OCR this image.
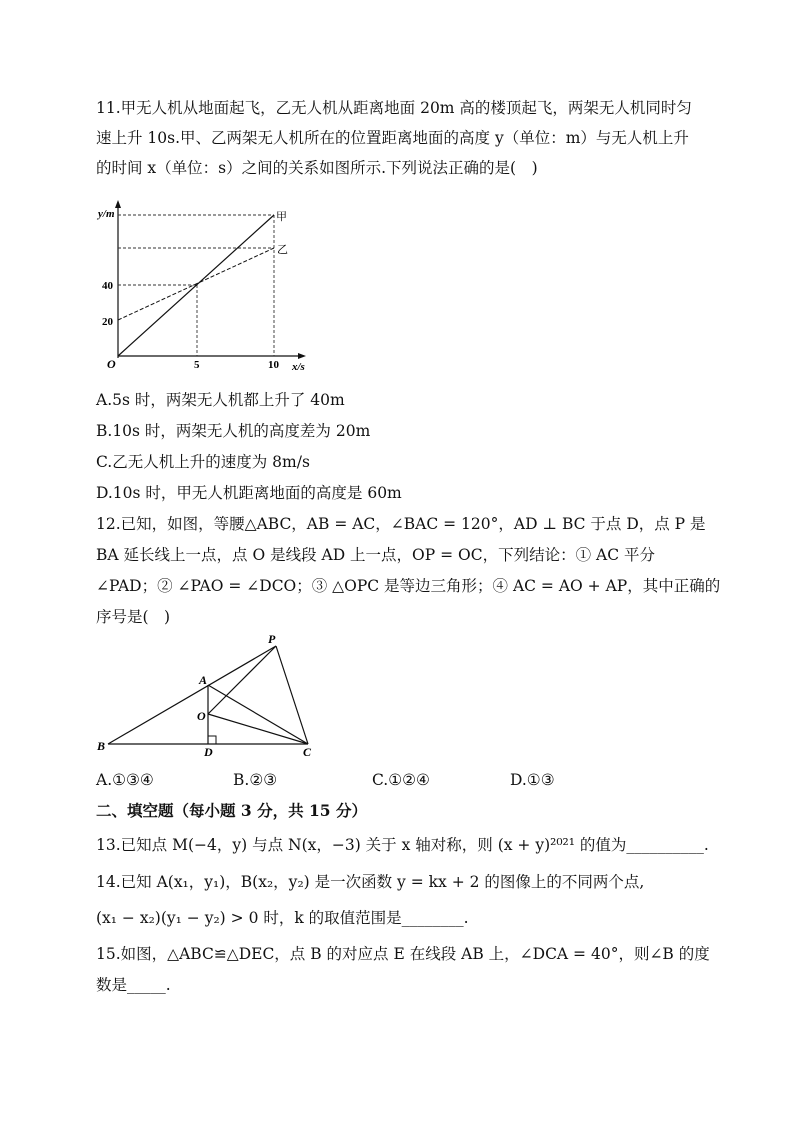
11.甲无人机从地面起飞，乙无人机从距离地面 20m 高的楼顶起飞，两架无人机同时匀
速上升 10s.甲、乙两架无人机所在的位置距离地面的高度 y（单位：m）与无人机上升
的时间 x（单位：s）之间的关系如图所示.下列说法正确的是(　)
y/m
x/s
O
20
40
5	10
甲
乙
A.5s 时，两架无人机都上升了 40m
B.10s 时，两架无人机的高度差为 20m
C.乙无人机上升的速度为 8m/s
D.10s 时，甲无人机距离地面的高度是 60m
12.已知，如图，等腰△ABC，AB = AC，∠BAC = 120°，AD ⊥ BC 于点 D，点 P 是
BA 延长线上一点，点 O 是线段 AD 上一点，OP = OC，下列结论：① AC 平分
∠PAD；② ∠PAO = ∠DCO；③ △OPC 是等边三角形；④ AC = AO + AP，其中正确的
序号是(　)
P
A
O
B	D	C
A.①③④	B.②③	C.①②④	D.①③
二、填空题（每小题 3 分，共 15 分）
13.已知点 M(−4，y) 与点 N(x，−3) 关于 x 轴对称，则 (x + y)²⁰²¹ 的值为__________.
14.已知 A(x₁，y₁)，B(x₂，y₂) 是一次函数 y = kx + 2 的图像上的不同两个点,
(x₁ − x₂)(y₁ − y₂) > 0 时，k 的取值范围是________.
15.如图，△ABC≌△DEC，点 B 的对应点 E 在线段 AB 上，∠DCA = 40°，则∠B 的度
数是_____.
